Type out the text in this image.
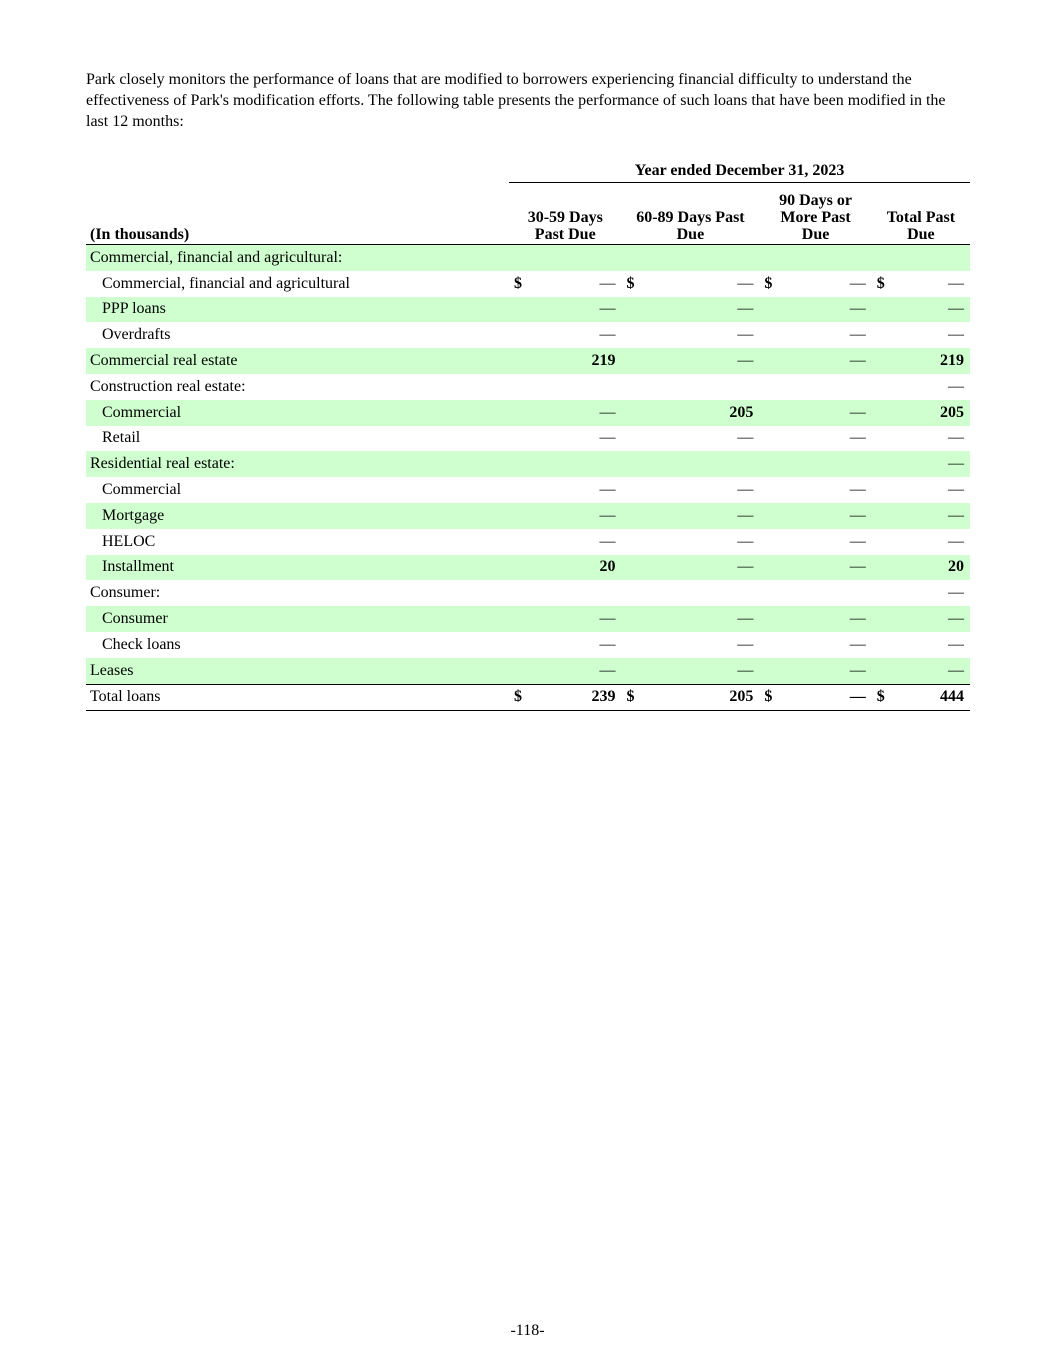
Park closely monitors the performance of loans that are modified to borrowers experiencing financial difficulty to understand the effectiveness of Park's modification efforts. The following table presents the performance of such loans that have been modified in the last 12 months:

	Year ended December 31, 2023							
(In thousands)	30-59 Days
Past Due		60-89 Days Past
Due		90 Days or
More Past
Due		Total Past
Due	
Commercial, financial and agricultural:								
Commercial, financial and agricultural	$	—	$	—	$	—	$	—
PPP loans		—		—		—		—
Overdrafts		—		—		—		—
Commercial real estate		219		—		—		219
Construction real estate:								—
Commercial		—		205		—		205
Retail		—		—		—		—
Residential real estate:								—
Commercial		—		—		—		—
Mortgage		—		—		—		—
HELOC		—		—		—		—
Installment		20		—		—		20
Consumer:								—
Consumer		—		—		—		—
Check loans		—		—		—		—
Leases		—		—		—		—
Total loans	$	239	$	205	$	—	$	444
-118-
